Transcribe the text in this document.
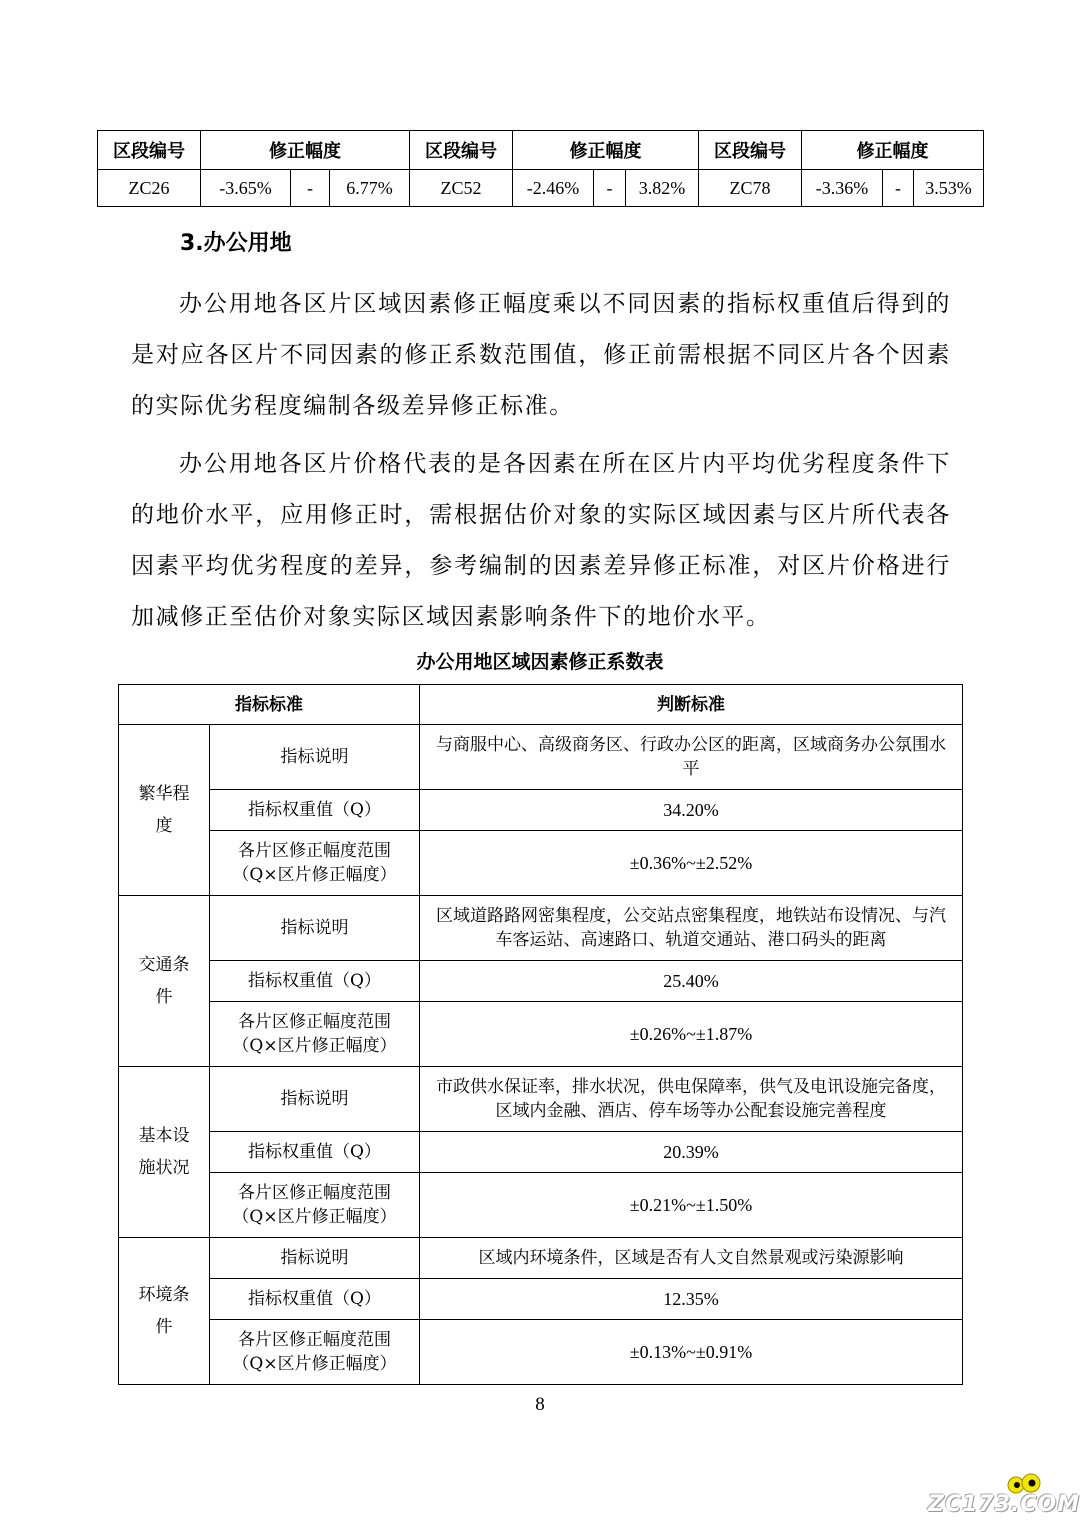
区段编号	修正幅度			区段编号	修正幅度			区段编号	修正幅度		
ZC26	-3.65%	-	6.77%	ZC52	-2.46%	-	3.82%	ZC78	-3.36%	-	3.53%
3.办公用地

办公用地各区片区域因素修正幅度乘以不同因素的指标权重值后得到的是对应各区片不同因素的修正系数范围值，修正前需根据不同区片各个因素的实际优劣程度编制各级差异修正标准。

办公用地各区片价格代表的是各因素在所在区片内平均优劣程度条件下的地价水平，应用修正时，需根据估价对象的实际区域因素与区片所代表各因素平均优劣程度的差异，参考编制的因素差异修正标准，对区片价格进行加减修正至估价对象实际区域因素影响条件下的地价水平。

办公用地区域因素修正系数表

指标标准		判断标准
繁华程度	指标说明	与商服中心、高级商务区、行政办公区的距离，区域商务办公氛围水平
	指标权重值（Q）	34.20%
	各片区修正幅度范围（Q×区片修正幅度）	±0.36%~±2.52%
交通条件	指标说明	区域道路路网密集程度，公交站点密集程度，地铁站布设情况、与汽车客运站、高速路口、轨道交通站、港口码头的距离
	指标权重值（Q）	25.40%
	各片区修正幅度范围（Q×区片修正幅度）	±0.26%~±1.87%
基本设施状况	指标说明	市政供水保证率，排水状况，供电保障率，供气及电讯设施完备度，区域内金融、酒店、停车场等办公配套设施完善程度
	指标权重值（Q）	20.39%
	各片区修正幅度范围（Q×区片修正幅度）	±0.21%~±1.50%
环境条件	指标说明	区域内环境条件，区域是否有人文自然景观或污染源影响
	指标权重值（Q）	12.35%
	各片区修正幅度范围（Q×区片修正幅度）	±0.13%~±0.91%
8
ZC173.COM
